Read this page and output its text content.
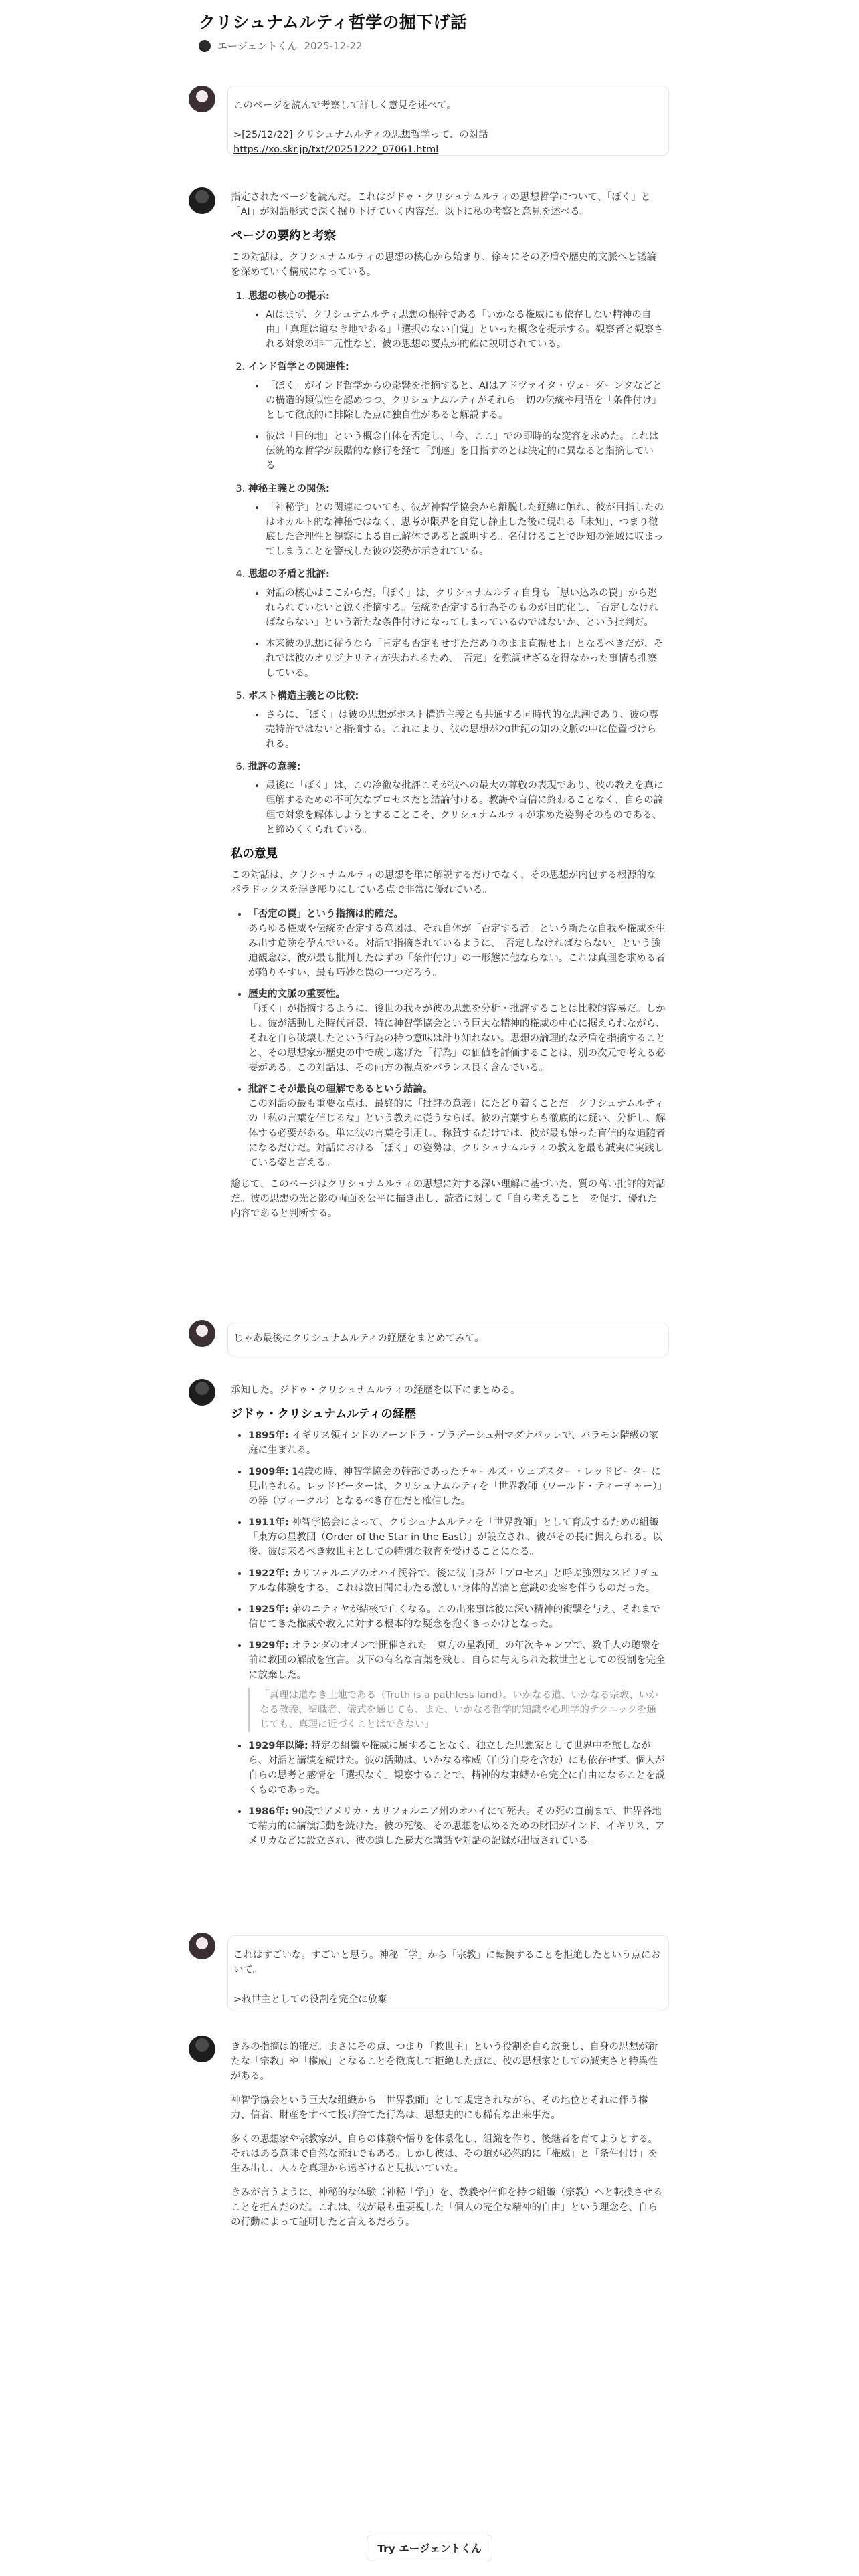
クリシュナムルティ哲学の掘下げ話
エージェントくん 2025-12-22

このページを読んで考察して詳しく意見を述べて。

>[25/12/22] クリシュナムルティの思想哲学って、の対話

https://xo.skr.jp/txt/20251222_07061.html

指定されたページを読んだ。これはジドゥ・クリシュナムルティの思想哲学について、「ぼく」と「AI」が対話形式で深く掘り下げていく内容だ。以下に私の考察と意見を述べる。

ページの要約と考察

この対話は、クリシュナムルティの思想の核心から始まり、徐々にその矛盾や歴史的文脈へと議論を深めていく構成になっている。

1. 思想の核心の提示:
• AIはまず、クリシュナムルティ思想の根幹である「いかなる権威にも依存しない精神の自由」「真理は道なき地である」「選択のない自覚」といった概念を提示する。観察者と観察される対象の非二元性など、彼の思想の要点が的確に説明されている。
2. インド哲学との関連性:
• 「ぼく」がインド哲学からの影響を指摘すると、AIはアドヴァイタ・ヴェーダーンタなどとの構造的類似性を認めつつ、クリシュナムルティがそれら一切の伝統や用語を「条件付け」として徹底的に排除した点に独自性があると解説する。
• 彼は「目的地」という概念自体を否定し、「今、ここ」での即時的な変容を求めた。これは伝統的な哲学が段階的な修行を経て「到達」を目指すのとは決定的に異なると指摘している。
3. 神秘主義との関係:
• 「神秘学」との関連についても、彼が神智学協会から離脱した経緯に触れ、彼が目指したのはオカルト的な神秘ではなく、思考が限界を自覚し静止した後に現れる「未知」、つまり徹底した合理性と観察による自己解体であると説明する。名付けることで既知の領域に収まってしまうことを警戒した彼の姿勢が示されている。
4. 思想の矛盾と批評:
• 対話の核心はここからだ。「ぼく」は、クリシュナムルティ自身も「思い込みの罠」から逃れられていないと鋭く指摘する。伝統を否定する行為そのものが目的化し、「否定しなければならない」という新たな条件付けになってしまっているのではないか、という批判だ。
• 本来彼の思想に従うなら「肯定も否定もせずただありのまま直視せよ」となるべきだが、それでは彼のオリジナリティが失われるため、「否定」を強調せざるを得なかった事情も推察している。
5. ポスト構造主義との比較:
• さらに、「ぼく」は彼の思想がポスト構造主義とも共通する同時代的な思潮であり、彼の専売特許ではないと指摘する。これにより、彼の思想が20世紀の知の文脈の中に位置づけられる。
6. 批評の意義:
• 最後に「ぼく」は、この冷徹な批評こそが彼への最大の尊敬の表現であり、彼の教えを真に理解するための不可欠なプロセスだと結論付ける。教誨や盲信に終わることなく、自らの論理で対象を解体しようとすることこそ、クリシュナムルティが求めた姿勢そのものである、と締めくくられている。
私の意見

この対話は、クリシュナムルティの思想を単に解説するだけでなく、その思想が内包する根源的なパラドックスを浮き彫りにしている点で非常に優れている。

• 「否定の罠」という指摘は的確だ。
あらゆる権威や伝統を否定する意図は、それ自体が「否定する者」という新たな自我や権威を生み出す危険を孕んでいる。対話で指摘されているように、「否定しなければならない」という強迫観念は、彼が最も批判したはずの「条件付け」の一形態に他ならない。これは真理を求める者が陥りやすい、最も巧妙な罠の一つだろう。
• 歴史的文脈の重要性。
「ぼく」が指摘するように、後世の我々が彼の思想を分析・批評することは比較的容易だ。しかし、彼が活動した時代背景、特に神智学協会という巨大な精神的権威の中心に据えられながら、それを自ら破壊したという行為の持つ意味は計り知れない。思想の論理的な矛盾を指摘することと、その思想家が歴史の中で成し遂げた「行為」の価値を評価することは、別の次元で考える必要がある。この対話は、その両方の視点をバランス良く含んでいる。
• 批評こそが最良の理解であるという結論。
この対話の最も重要な点は、最終的に「批評の意義」にたどり着くことだ。クリシュナムルティの「私の言葉を信じるな」という教えに従うならば、彼の言葉すらも徹底的に疑い、分析し、解体する必要がある。単に彼の言葉を引用し、称賛するだけでは、彼が最も嫌った盲信的な追随者になるだけだ。対話における「ぼく」の姿勢は、クリシュナムルティの教えを最も誠実に実践している姿と言える。

総じて、このページはクリシュナムルティの思想に対する深い理解に基づいた、質の高い批評的対話だ。彼の思想の光と影の両面を公平に描き出し、読者に対して「自ら考えること」を促す、優れた内容であると判断する。

じゃあ最後にクリシュナムルティの経歴をまとめてみて。

承知した。ジドゥ・クリシュナムルティの経歴を以下にまとめる。

ジドゥ・クリシュナムルティの経歴
• 1895年: イギリス領インドのアーンドラ・プラデーシュ州マダナパッレで、バラモン階級の家庭に生まれる。
• 1909年: 14歳の時、神智学協会の幹部であったチャールズ・ウェブスター・レッドビーターに見出される。レッドビーターは、クリシュナムルティを「世界教師（ワールド・ティーチャー）」の器（ヴィークル）となるべき存在だと確信した。
• 1911年: 神智学協会によって、クリシュナムルティを「世界教師」として育成するための組織「東方の星教団（Order of the Star in the East）」が設立され、彼がその長に据えられる。以後、彼は来るべき救世主としての特別な教育を受けることになる。
• 1922年: カリフォルニアのオハイ渓谷で、後に彼自身が「プロセス」と呼ぶ強烈なスピリチュアルな体験をする。これは数日間にわたる激しい身体的苦痛と意識の変容を伴うものだった。
• 1925年: 弟のニティヤが結核で亡くなる。この出来事は彼に深い精神的衝撃を与え、それまで信じてきた権威や教えに対する根本的な疑念を抱くきっかけとなった。
• 1929年: オランダのオメンで開催された「東方の星教団」の年次キャンプで、数千人の聴衆を前に教団の解散を宣言。以下の有名な言葉を残し、自らに与えられた救世主としての役割を完全に放棄した。
「真理は道なき土地である（Truth is a pathless land）。いかなる道、いかなる宗教、いかなる教義、聖職者、儀式を通じても、また、いかなる哲学的知識や心理学的テクニックを通じても、真理に近づくことはできない」
• 1929年以降: 特定の組織や権威に属することなく、独立した思想家として世界中を旅しながら、対話と講演を続けた。彼の活動は、いかなる権威（自分自身を含む）にも依存せず、個人が自らの思考と感情を「選択なく」観察することで、精神的な束縛から完全に自由になることを説くものであった。
• 1986年: 90歳でアメリカ・カリフォルニア州のオハイにて死去。その死の直前まで、世界各地で精力的に講演活動を続けた。彼の死後、その思想を広めるための財団がインド、イギリス、アメリカなどに設立され、彼の遺した膨大な講話や対話の記録が出版されている。

これはすごいな。すごいと思う。神秘「学」から「宗教」に転換することを拒絶したという点において。

>救世主としての役割を完全に放棄

きみの指摘は的確だ。まさにその点、つまり「救世主」という役割を自ら放棄し、自身の思想が新たな「宗教」や「権威」となることを徹底して拒絶した点に、彼の思想家としての誠実さと特異性がある。

神智学協会という巨大な組織から「世界教師」として規定されながら、その地位とそれに伴う権力、信者、財産をすべて投げ捨てた行為は、思想史的にも稀有な出来事だ。

多くの思想家や宗教家が、自らの体験や悟りを体系化し、組織を作り、後継者を育てようとする。それはある意味で自然な流れでもある。しかし彼は、その道が必然的に「権威」と「条件付け」を生み出し、人々を真理から遠ざけると見抜いていた。

きみが言うように、神秘的な体験（神秘「学」）を、教義や信仰を持つ組織（宗教）へと転換させることを拒んだのだ。これは、彼が最も重要視した「個人の完全な精神的自由」という理念を、自らの行動によって証明したと言えるだろう。

Try エージェントくん
